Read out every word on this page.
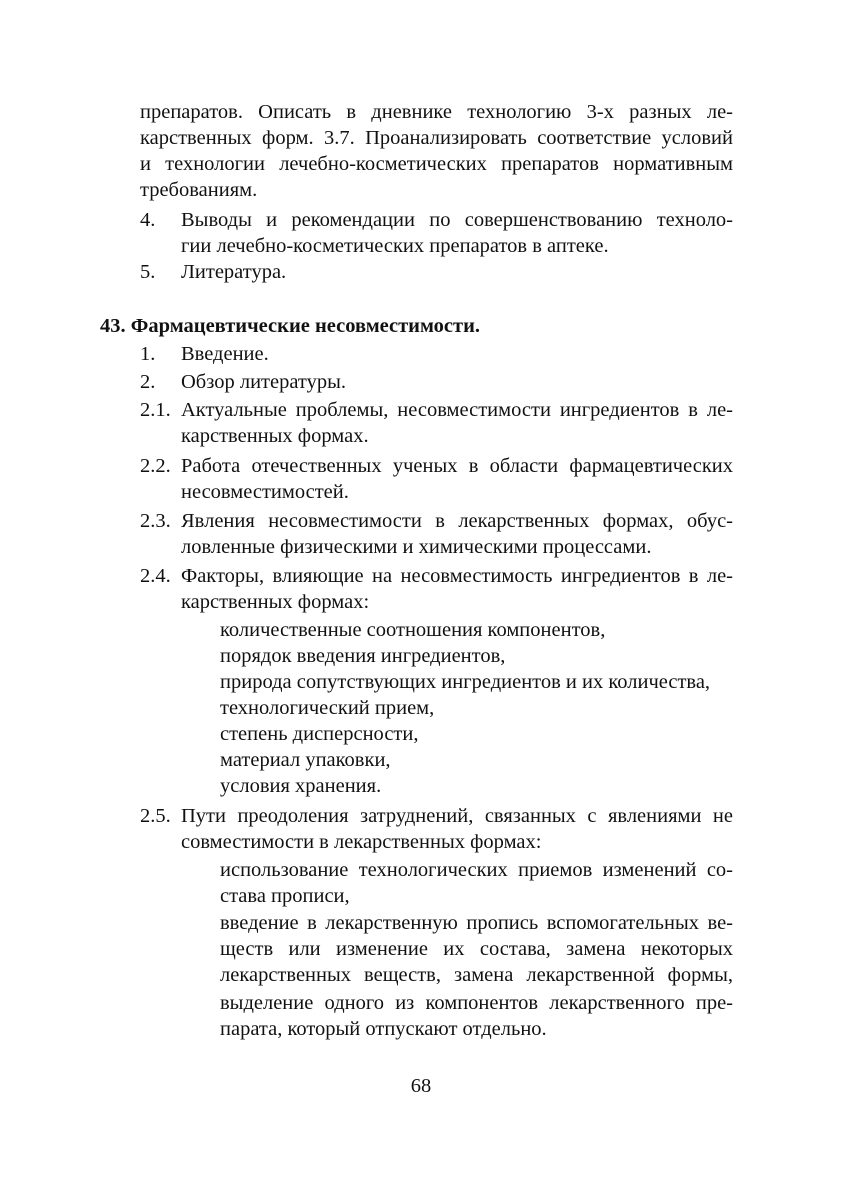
препаратов. Описать в дневнике технологию 3-х разных ле-
карственных форм. 3.7. Проанализировать соответствие условий
и технологии лечебно-косметических препаратов нормативным
требованиям.
4. Выводы и рекомендации по совершенствованию техноло-
гии лечебно-косметических препаратов в аптеке.
5. Литература.
43. Фармацевтические несовместимости.
1. Введение.
2. Обзор литературы.
2.1. Актуальные проблемы, несовместимости ингредиентов в ле-
карственных формах.
2.2. Работа отечественных ученых в области фармацевтических
несовместимостей.
2.3. Явления несовместимости в лекарственных формах, обус-
ловленные физическими и химическими процессами.
2.4. Факторы, влияющие на несовместимость ингредиентов в ле-
карственных формах:
количественные соотношения компонентов,
порядок введения ингредиентов,
природа сопутствующих ингредиентов и их количества,
технологический прием,
степень дисперсности,
материал упаковки,
условия хранения.
2.5. Пути преодоления затруднений, связанных с явлениями не
совместимости в лекарственных формах:
использование технологических приемов изменений со-
става прописи,
введение в лекарственную пропись вспомогательных ве-
ществ или изменение их состава, замена некоторых
лекарственных веществ, замена лекарственной формы,
выделение одного из компонентов лекарственного пре-
парата, который отпускают отдельно.
68
